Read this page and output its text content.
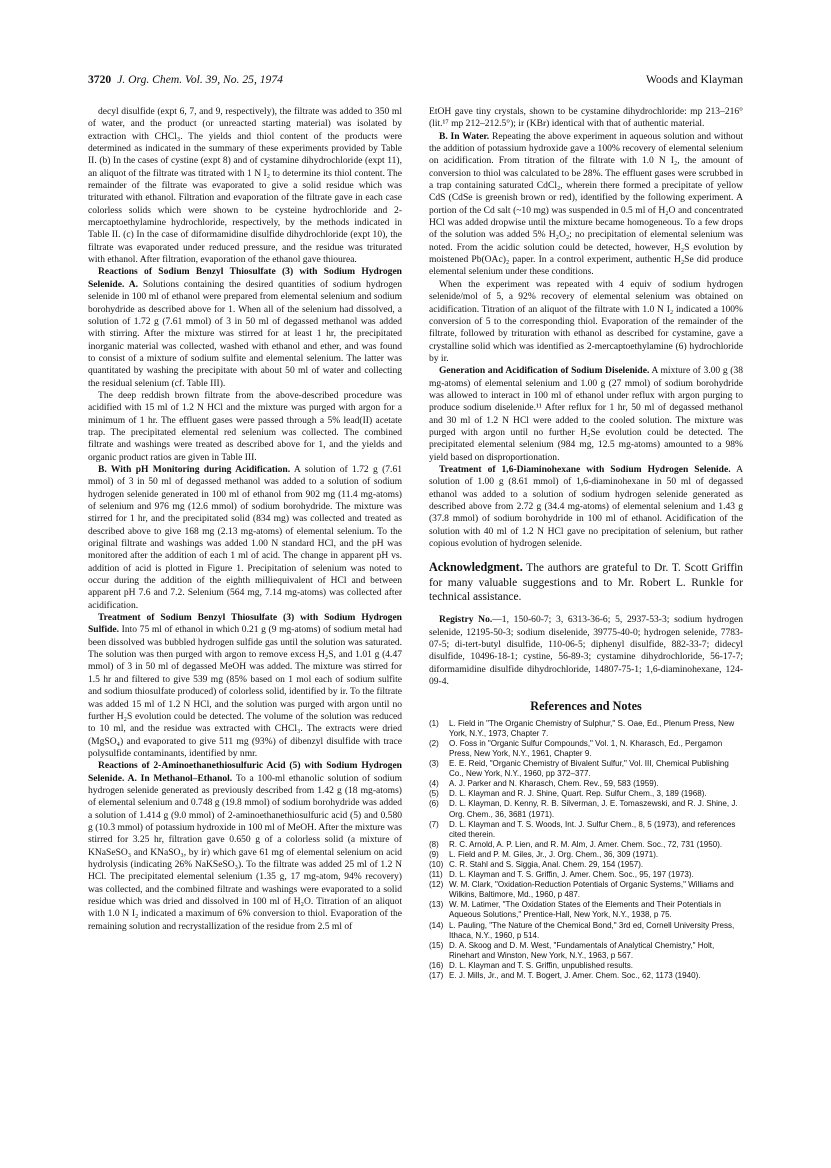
3720 J. Org. Chem. Vol. 39, No. 25, 1974	Woods and Klayman

decyl disulfide (expt 6, 7, and 9, respectively), the filtrate was added to 350 ml of water, and the product (or unreacted starting material) was isolated by extraction with CHCl₃. The yields and thiol content of the products were determined as indicated in the summary of these experiments provided by Table II. (b) In the cases of cystine (expt 8) and of cystamine dihydrochloride (expt 11), an aliquot of the filtrate was titrated with 1 N I₂ to determine its thiol content. The remainder of the filtrate was evaporated to give a solid residue which was triturated with ethanol. Filtration and evaporation of the filtrate gave in each case colorless solids which were shown to be cysteine hydrochloride and 2-mercaptoethylamine hydrochloride, respectively, by the methods indicated in Table II. (c) In the case of diformamidine disulfide dihydrochloride (expt 10), the filtrate was evaporated under reduced pressure, and the residue was triturated with ethanol. After filtration, evaporation of the ethanol gave thiourea.

Reactions of Sodium Benzyl Thiosulfate (3) with Sodium Hydrogen Selenide. A. Solutions containing the desired quantities of sodium hydrogen selenide in 100 ml of ethanol were prepared from elemental selenium and sodium borohydride as described above for 1. When all of the selenium had dissolved, a solution of 1.72 g (7.61 mmol) of 3 in 50 ml of degassed methanol was added with stirring. After the mixture was stirred for at least 1 hr, the precipitated inorganic material was collected, washed with ethanol and ether, and was found to consist of a mixture of sodium sulfite and elemental selenium. The latter was quantitated by washing the precipitate with about 50 ml of water and collecting the residual selenium (cf. Table III).

The deep reddish brown filtrate from the above-described procedure was acidified with 15 ml of 1.2 N HCl and the mixture was purged with argon for a minimum of 1 hr. The effluent gases were passed through a 5% lead(II) acetate trap. The precipitated elemental red selenium was collected. The combined filtrate and washings were treated as described above for 1, and the yields and organic product ratios are given in Table III.

B. With pH Monitoring during Acidification. A solution of 1.72 g (7.61 mmol) of 3 in 50 ml of degassed methanol was added to a solution of sodium hydrogen selenide generated in 100 ml of ethanol from 902 mg (11.4 mg-atoms) of selenium and 976 mg (12.6 mmol) of sodium borohydride. The mixture was stirred for 1 hr, and the precipitated solid (834 mg) was collected and treated as described above to give 168 mg (2.13 mg-atoms) of elemental selenium. To the original filtrate and washings was added 1.00 N standard HCl, and the pH was monitored after the addition of each 1 ml of acid. The change in apparent pH vs. addition of acid is plotted in Figure 1. Precipitation of selenium was noted to occur during the addition of the eighth milliequivalent of HCl and between apparent pH 7.6 and 7.2. Selenium (564 mg, 7.14 mg-atoms) was collected after acidification.

Treatment of Sodium Benzyl Thiosulfate (3) with Sodium Hydrogen Sulfide. Into 75 ml of ethanol in which 0.21 g (9 mg-atoms) of sodium metal had been dissolved was bubbled hydrogen sulfide gas until the solution was saturated. The solution was then purged with argon to remove excess H₂S, and 1.01 g (4.47 mmol) of 3 in 50 ml of degassed MeOH was added. The mixture was stirred for 1.5 hr and filtered to give 539 mg (85% based on 1 mol each of sodium sulfite and sodium thiosulfate produced) of colorless solid, identified by ir. To the filtrate was added 15 ml of 1.2 N HCl, and the solution was purged with argon until no further H₂S evolution could be detected. The volume of the solution was reduced to 10 ml, and the residue was extracted with CHCl₃. The extracts were dried (MgSO₄) and evaporated to give 511 mg (93%) of dibenzyl disulfide with trace polysulfide contaminants, identified by nmr.

Reactions of 2-Aminoethanethiosulfuric Acid (5) with Sodium Hydrogen Selenide. A. In Methanol–Ethanol. To a 100-ml ethanolic solution of sodium hydrogen selenide generated as previously described from 1.42 g (18 mg-atoms) of elemental selenium and 0.748 g (19.8 mmol) of sodium borohydride was added a solution of 1.414 g (9.0 mmol) of 2-aminoethanethiosulfuric acid (5) and 0.580 g (10.3 mmol) of potassium hydroxide in 100 ml of MeOH. After the mixture was stirred for 3.25 hr, filtration gave 0.650 g of a colorless solid (a mixture of KNaSeSO₃ and KNaSO₃, by ir) which gave 61 mg of elemental selenium on acid hydrolysis (indicating 26% NaKSeSO₃). To the filtrate was added 25 ml of 1.2 N HCl. The precipitated elemental selenium (1.35 g, 17 mg-atom, 94% recovery) was collected, and the combined filtrate and washings were evaporated to a solid residue which was dried and dissolved in 100 ml of H₂O. Titration of an aliquot with 1.0 N I₂ indicated a maximum of 6% conversion to thiol. Evaporation of the remaining solution and recrystallization of the residue from 2.5 ml of

EtOH gave tiny crystals, shown to be cystamine dihydrochloride: mp 213–216° (lit.¹⁷ mp 212–212.5°); ir (KBr) identical with that of authentic material.

B. In Water. Repeating the above experiment in aqueous solution and without the addition of potassium hydroxide gave a 100% recovery of elemental selenium on acidification. From titration of the filtrate with 1.0 N I₂, the amount of conversion to thiol was calculated to be 28%. The effluent gases were scrubbed in a trap containing saturated CdCl₂, wherein there formed a precipitate of yellow CdS (CdSe is greenish brown or red), identified by the following experiment. A portion of the Cd salt (~10 mg) was suspended in 0.5 ml of H₂O and concentrated HCl was added dropwise until the mixture became homogeneous. To a few drops of the solution was added 5% H₂O₂; no precipitation of elemental selenium was noted. From the acidic solution could be detected, however, H₂S evolution by moistened Pb(OAc)₂ paper. In a control experiment, authentic H₂Se did produce elemental selenium under these conditions.

When the experiment was repeated with 4 equiv of sodium hydrogen selenide/mol of 5, a 92% recovery of elemental selenium was obtained on acidification. Titration of an aliquot of the filtrate with 1.0 N I₂ indicated a 100% conversion of 5 to the corresponding thiol. Evaporation of the remainder of the filtrate, followed by trituration with ethanol as described for cystamine, gave a crystalline solid which was identified as 2-mercaptoethylamine (6) hydrochloride by ir.

Generation and Acidification of Sodium Diselenide. A mixture of 3.00 g (38 mg-atoms) of elemental selenium and 1.00 g (27 mmol) of sodium borohydride was allowed to interact in 100 ml of ethanol under reflux with argon purging to produce sodium diselenide.¹¹ After reflux for 1 hr, 50 ml of degassed methanol and 30 ml of 1.2 N HCl were added to the cooled solution. The mixture was purged with argon until no further H₂Se evolution could be detected. The precipitated elemental selenium (984 mg, 12.5 mg-atoms) amounted to a 98% yield based on disproportionation.

Treatment of 1,6-Diaminohexane with Sodium Hydrogen Selenide. A solution of 1.00 g (8.61 mmol) of 1,6-diaminohexane in 50 ml of degassed ethanol was added to a solution of sodium hydrogen selenide generated as described above from 2.72 g (34.4 mg-atoms) of elemental selenium and 1.43 g (37.8 mmol) of sodium borohydride in 100 ml of ethanol. Acidification of the solution with 40 ml of 1.2 N HCl gave no precipitation of selenium, but rather copious evolution of hydrogen selenide.

Acknowledgment. The authors are grateful to Dr. T. Scott Griffin for many valuable suggestions and to Mr. Robert L. Runkle for technical assistance.

Registry No.—1, 150-60-7; 3, 6313-36-6; 5, 2937-53-3; sodium hydrogen selenide, 12195-50-3; sodium diselenide, 39775-40-0; hydrogen selenide, 7783-07-5; di-tert-butyl disulfide, 110-06-5; diphenyl disulfide, 882-33-7; didecyl disulfide, 10496-18-1; cystine, 56-89-3; cystamine dihydrochloride, 56-17-7; diformamidine disulfide dihydrochloride, 14807-75-1; 1,6-diaminohexane, 124-09-4.

References and Notes
(1)	L. Field in "The Organic Chemistry of Sulphur," S. Oae, Ed., Plenum Press, New York, N.Y., 1973, Chapter 7.
(2)	O. Foss in "Organic Sulfur Compounds," Vol. 1, N. Kharasch, Ed., Pergamon Press, New York, N.Y., 1961, Chapter 9.
(3)	E. E. Reid, "Organic Chemistry of Bivalent Sulfur," Vol. III, Chemical Publishing Co., New York, N.Y., 1960, pp 372–377.
(4)	A. J. Parker and N. Kharasch, Chem. Rev., 59, 583 (1959).
(5)	D. L. Klayman and R. J. Shine, Quart. Rep. Sulfur Chem., 3, 189 (1968).
(6)	D. L. Klayman, D. Kenny, R. B. Silverman, J. E. Tomaszewski, and R. J. Shine, J. Org. Chem., 36, 3681 (1971).
(7)	D. L. Klayman and T. S. Woods, Int. J. Sulfur Chem., 8, 5 (1973), and references cited therein.
(8)	R. C. Arnold, A. P. Lien, and R. M. Alm, J. Amer. Chem. Soc., 72, 731 (1950).
(9)	L. Field and P. M. Giles, Jr., J. Org. Chem., 36, 309 (1971).
(10) C. R. Stahl and S. Siggia, Anal. Chem. 29, 154 (1957).
(11) D. L. Klayman and T. S. Griffin, J. Amer. Chem. Soc., 95, 197 (1973).
(12) W. M. Clark, "Oxidation-Reduction Potentials of Organic Systems," Williams and Wilkins, Baltimore, Md., 1960, p 487.
(13) W. M. Latimer, "The Oxidation States of the Elements and Their Potentials in Aqueous Solutions," Prentice-Hall, New York, N.Y., 1938, p 75.
(14) L. Pauling, "The Nature of the Chemical Bond," 3rd ed, Cornell University Press, Ithaca, N.Y., 1960, p 514.
(15) D. A. Skoog and D. M. West, "Fundamentals of Analytical Chemistry," Holt, Rinehart and Winston, New York, N.Y., 1963, p 567.
(16) D. L. Klayman and T. S. Griffin, unpublished results.
(17) E. J. Mills, Jr., and M. T. Bogert, J. Amer. Chem. Soc., 62, 1173 (1940).
